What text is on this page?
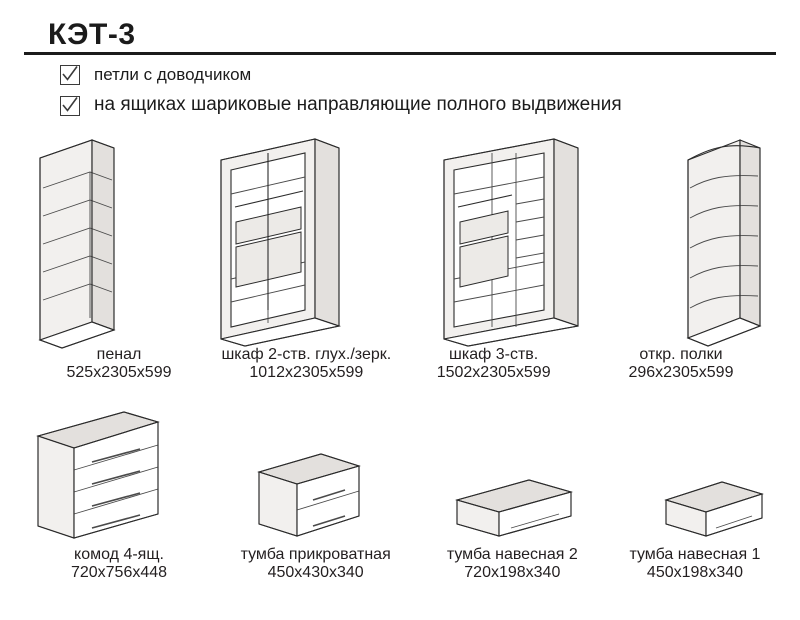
КЭТ-3
петли с доводчиком
на ящиках шариковые направляющие полного выдвижения
пенал
525x2305x599
шкаф 2-ств. глух./зерк.
1012x2305x599
шкаф 3-ств.
1502x2305x599
откр. полки
296x2305x599
комод 4-ящ.
720x756x448
тумба прикроватная
450x430x340
тумба навесная 2
720x198x340
тумба навесная 1
450x198x340
